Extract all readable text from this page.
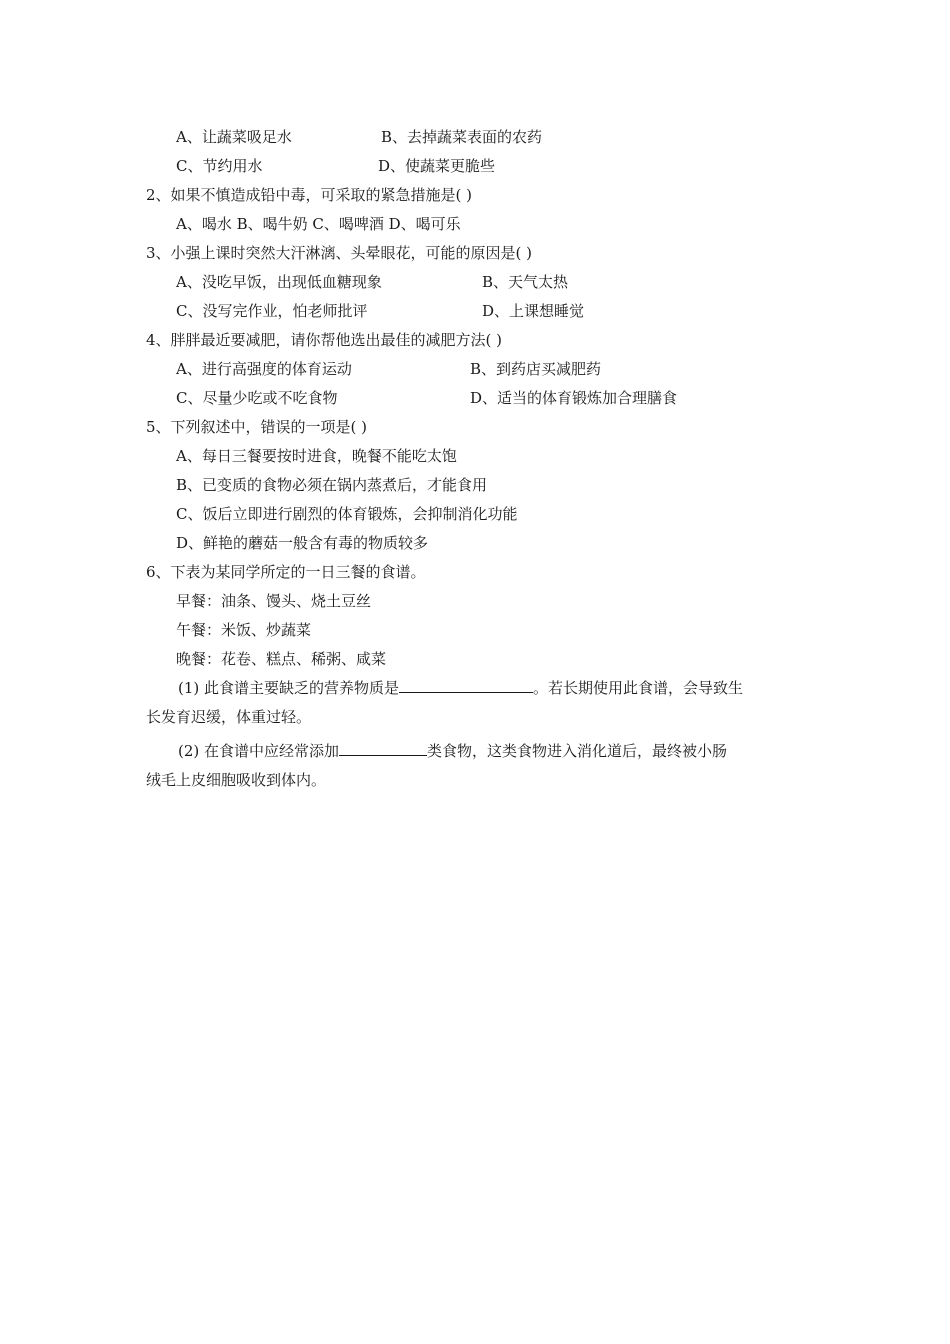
A、让蔬菜吸足水	B、去掉蔬菜表面的农药
C、节约用水	D、使蔬菜更脆些
2、如果不慎造成铅中毒，可采取的紧急措施是( )
A、喝水 B、喝牛奶 C、喝啤酒 D、喝可乐
3、小强上课时突然大汗淋漓、头晕眼花，可能的原因是( )
A、没吃早饭，出现低血糖现象	B、天气太热
C、没写完作业，怕老师批评	D、上课想睡觉
4、胖胖最近要减肥，请你帮他选出最佳的减肥方法( )
A、进行高强度的体育运动	B、到药店买减肥药
C、尽量少吃或不吃食物	D、适当的体育锻炼加合理膳食
5、下列叙述中，错误的一项是( )
A、每日三餐要按时进食，晚餐不能吃太饱
B、已变质的食物必须在锅内蒸煮后，才能食用
C、饭后立即进行剧烈的体育锻炼，会抑制消化功能
D、鲜艳的蘑菇一般含有毒的物质较多
6、下表为某同学所定的一日三餐的食谱。
早餐：油条、馒头、烧土豆丝
午餐：米饭、炒蔬菜
晚餐：花卷、糕点、稀粥、咸菜
(1) 此食谱主要缺乏的营养物质是	。若长期使用此食谱，会导致生
长发育迟缓，体重过轻。
(2) 在食谱中应经常添加	类食物，这类食物进入消化道后，最终被小肠
绒毛上皮细胞吸收到体内。
